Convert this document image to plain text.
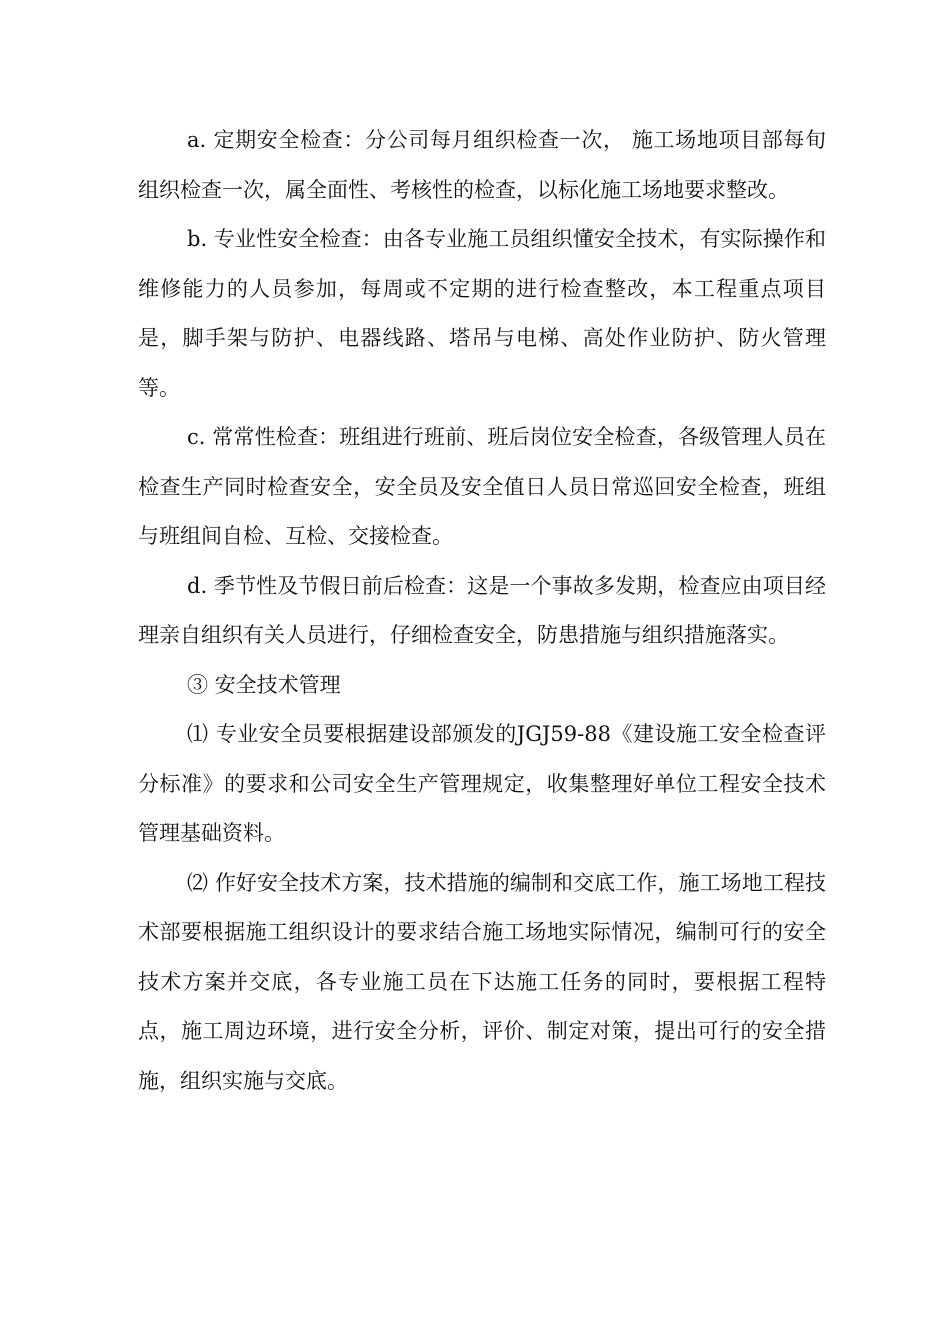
a. 定期安全检查：分公司每月组织检查一次， 施工场地项目部每旬组织检查一次，属全面性、考核性的检查，以标化施工场地要求整改。

b. 专业性安全检查：由各专业施工员组织懂安全技术，有实际操作和维修能力的人员参加，每周或不定期的进行检查整改，本工程重点项目是，脚手架与防护、电器线路、塔吊与电梯、高处作业防护、防火管理等。

c. 常常性检查：班组进行班前、班后岗位安全检查，各级管理人员在检查生产同时检查安全，安全员及安全值日人员日常巡回安全检查，班组与班组间自检、互检、交接检查。

d. 季节性及节假日前后检查：这是一个事故多发期，检查应由项目经理亲自组织有关人员进行，仔细检查安全，防患措施与组织措施落实。

③ 安全技术管理

⑴ 专业安全员要根据建设部颁发的JGJ59-88《建设施工安全检查评分标准》的要求和公司安全生产管理规定，收集整理好单位工程安全技术管理基础资料。

⑵ 作好安全技术方案，技术措施的编制和交底工作，施工场地工程技术部要根据施工组织设计的要求结合施工场地实际情况，编制可行的安全技术方案并交底，各专业施工员在下达施工任务的同时，要根据工程特点，施工周边环境，进行安全分析，评价、制定对策，提出可行的安全措施，组织实施与交底。
